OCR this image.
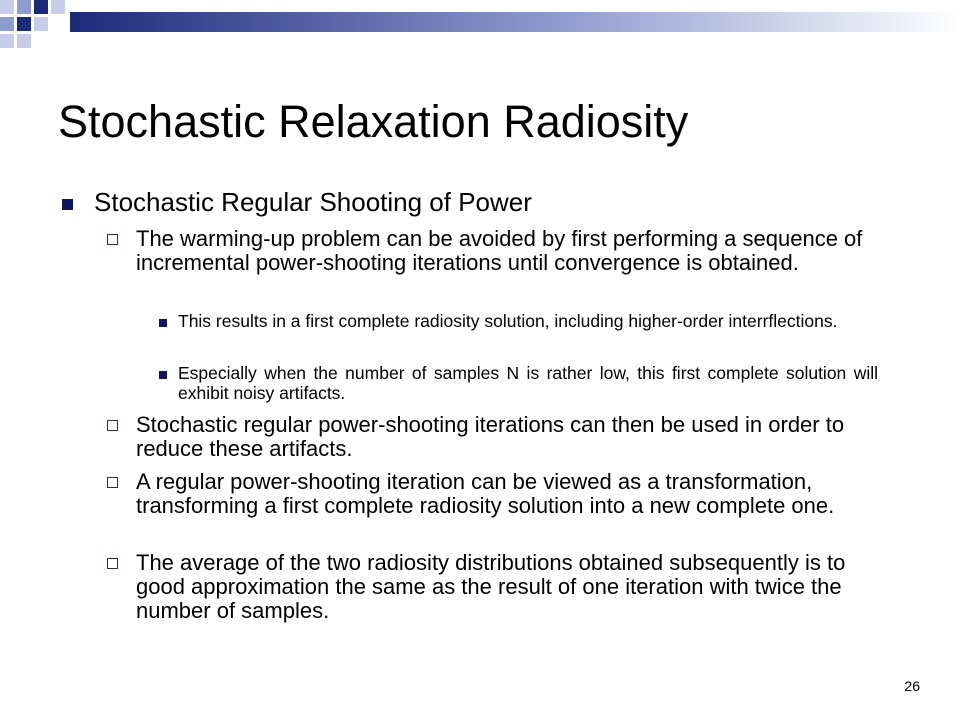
Stochastic Relaxation Radiosity
Stochastic Regular Shooting of Power
The warming-up problem can be avoided by first performing a sequence of incremental power-shooting iterations until convergence is obtained.
This results in a first complete radiosity solution, including higher-order interrflections.
Especially when the number of samples N is rather low, this first complete solution will exhibit noisy artifacts.
Stochastic regular power-shooting iterations can then be used in order to reduce these artifacts.
A regular power-shooting iteration can be viewed as a transformation, transforming a first complete radiosity solution into a new complete one.
The average of the two radiosity distributions obtained subsequently is to good approximation the same as the result of one iteration with twice the number of samples.
26
